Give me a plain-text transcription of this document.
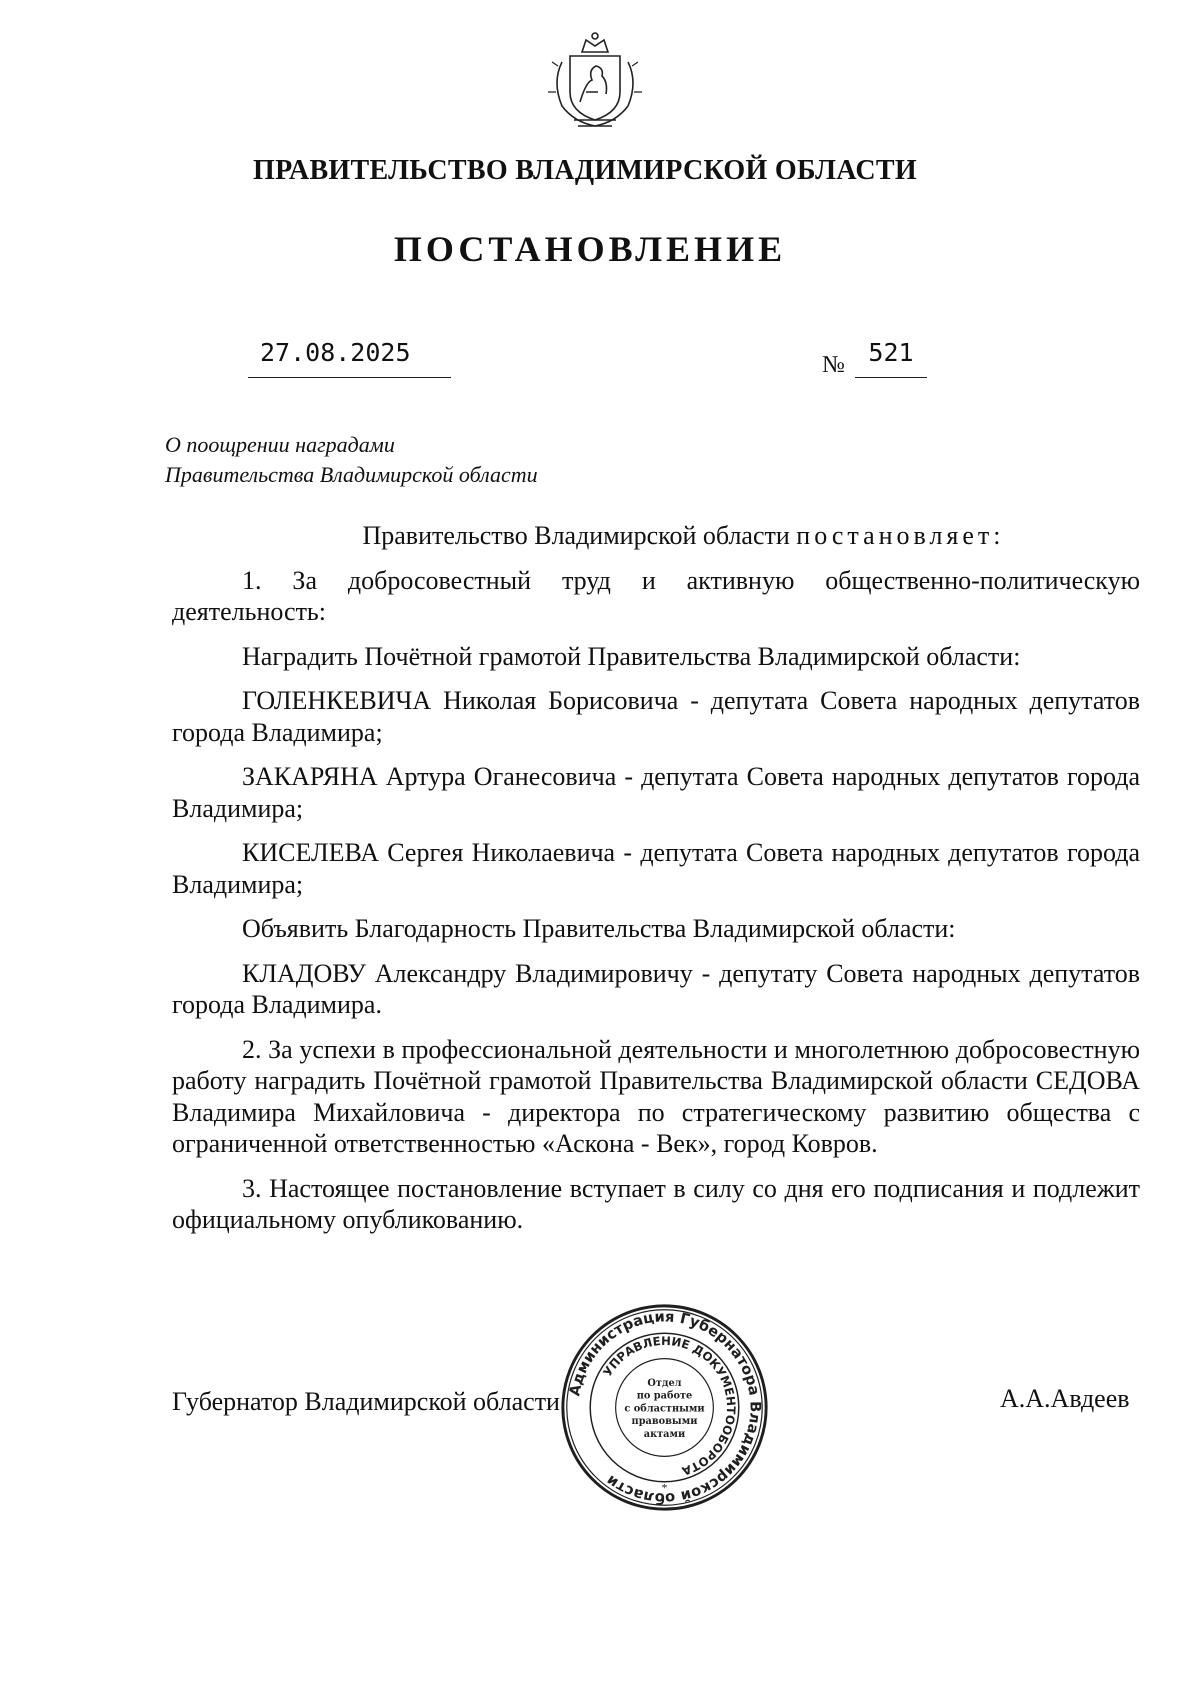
ПРАВИТЕЛЬСТВО ВЛАДИМИРСКОЙ ОБЛАСТИ
ПОСТАНОВЛЕНИЕ
27.08.2025	№ 521
О поощрении наградами
Правительства Владимирской области

Правительство Владимирской области постановляет:

1. За добросовестный труд и активную общественно-политическую деятельность:

Наградить Почётной грамотой Правительства Владимирской области:

ГОЛЕНКЕВИЧА Николая Борисовича - депутата Совета народных депутатов города Владимира;

ЗАКАРЯНА Артура Оганесовича - депутата Совета народных депутатов города Владимира;

КИСЕЛЕВА Сергея Николаевича - депутата Совета народных депутатов города Владимира;

Объявить Благодарность Правительства Владимирской области:

КЛАДОВУ Александру Владимировичу - депутату Совета народных депутатов города Владимира.

2. За успехи в профессиональной деятельности и многолетнюю добросовестную работу наградить Почётной грамотой Правительства Владимирской области СЕДОВА Владимира Михайловича - директора по стратегическому развитию общества с ограниченной ответственностью «Аскона - Век», город Ковров.

3. Настоящее постановление вступает в силу со дня его подписания и подлежит официальному опубликованию.

Губернатор Владимирской области	А.А.Авдеев
Администрация Губернатора Владимирской области
УПРАВЛЕНИЕ ДОКУМЕНТООБОРОТА
Отдел
по работе
с областными
правовыми
актами
*
